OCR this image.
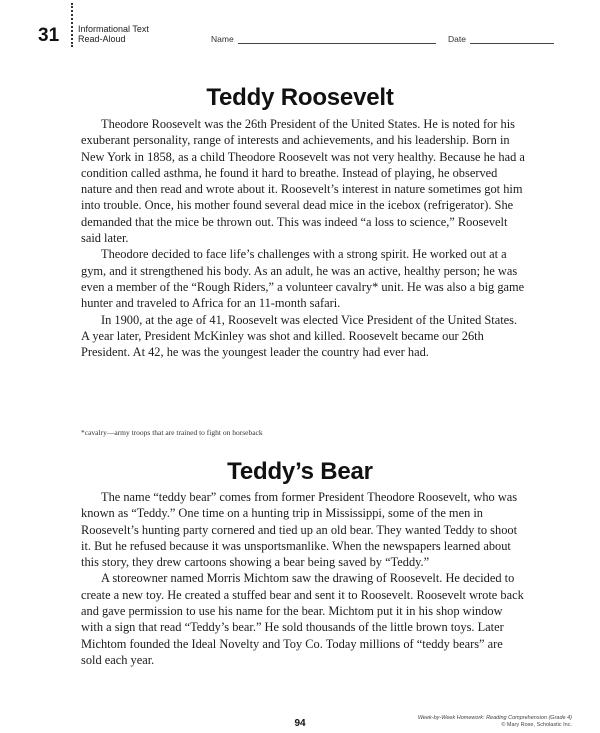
31 Informational Text
Read-Aloud	Name	Date
Teddy Roosevelt

Theodore Roosevelt was the 26th President of the United States. He is noted for his exuberant personality, range of interests and achievements, and his leadership. Born in New York in 1858, as a child Theodore Roosevelt was not very healthy. Because he had a condition called asthma, he found it hard to breathe. Instead of playing, he observed nature and then read and wrote about it. Roosevelt’s interest in nature sometimes got him into trouble. Once, his mother found several dead mice in the icebox (refrigerator). She demanded that the mice be thrown out. This was indeed “a loss to science,” Roosevelt said later.

Theodore decided to face life’s challenges with a strong spirit. He worked out at a gym, and it strengthened his body. As an adult, he was an active, healthy person; he was even a member of the “Rough Riders,” a volunteer cavalry* unit. He was also a big game hunter and traveled to Africa for an 11-month safari.

In 1900, at the age of 41, Roosevelt was elected Vice President of the United States. A year later, President McKinley was shot and killed. Roosevelt became our 26th President. At 42, he was the youngest leader the country had ever had.

*cavalry—army troops that are trained to fight on horseback
Teddy’s Bear

The name “teddy bear” comes from former President Theodore Roosevelt, who was known as “Teddy.” One time on a hunting trip in Mississippi, some of the men in Roosevelt’s hunting party cornered and tied up an old bear. They wanted Teddy to shoot it. But he refused because it was unsportsmanlike. When the newspapers learned about this story, they drew cartoons showing a bear being saved by “Teddy.”

A storeowner named Morris Michtom saw the drawing of Roosevelt. He decided to create a new toy. He created a stuffed bear and sent it to Roosevelt. Roosevelt wrote back and gave permission to use his name for the bear. Michtom put it in his shop window with a sign that read “Teddy’s bear.” He sold thousands of the little brown toys. Later Michtom founded the Ideal Novelty and Toy Co. Today millions of “teddy bears” are sold each year.

94	Week-by-Week Homework: Reading Comprehension (Grade 4)
© Mary Rose, Scholastic Inc.
